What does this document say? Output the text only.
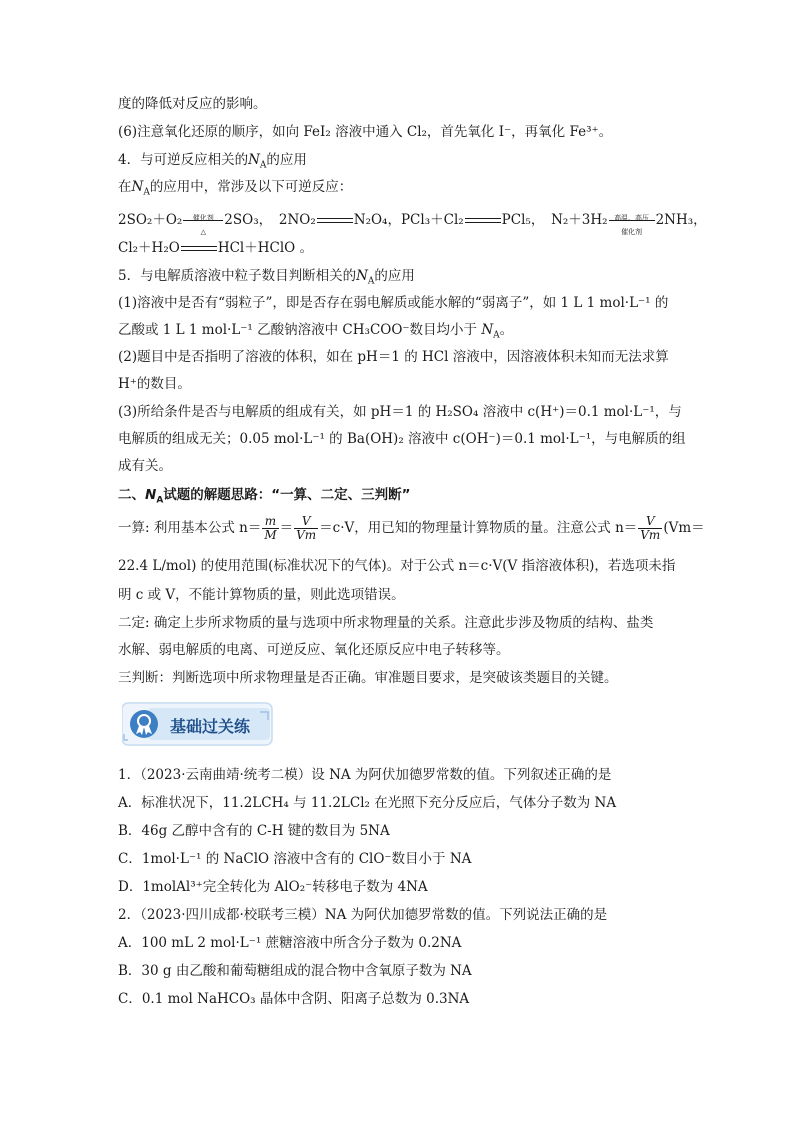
度的降低对反应的影响。
(6)注意氧化还原的顺序，如向 FeI₂ 溶液中通入 Cl₂，首先氧化 I⁻，再氧化 Fe³⁺。
4．与可逆反应相关的$N_A$的应用
在$N_A$的应用中，常涉及以下可逆反应：
2SO₂＋O₂	催化剂
△
2SO₃，　2NO₂	N₂O₄，PCl₃＋Cl₂	PCl₅，　N₂＋3H₂ 高温、高压
催化剂
2NH₃，
Cl₂＋H₂O	HCl＋HClO 。
5．与电解质溶液中粒子数目判断相关的$N_A$的应用
(1)溶液中是否有“弱粒子”，即是否存在弱电解质或能水解的“弱离子”，如 1 L 1 mol·L⁻¹ 的
乙酸或 1 L 1 mol·L⁻¹ 乙酸钠溶液中 CH₃COO⁻数目均小于 $N_A$。
(2)题目中是否指明了溶液的体积，如在 pH＝1 的 HCl 溶液中，因溶液体积未知而无法求算
H⁺的数目。
(3)所给条件是否与电解质的组成有关，如 pH＝1 的 H₂SO₄ 溶液中 c(H⁺)＝0.1 mol·L⁻¹，与
电解质的组成无关；0.05 mol·L⁻¹ 的 Ba(OH)₂ 溶液中 c(OH⁻)＝0.1 mol·L⁻¹，与电解质的组
成有关。
二、$N_A$试题的解题思路：“一算、二定、三判断”
一算: 利用基本公式 $n= \frac{m}{M} = \frac{V}{Vm} =c\cdot V$，用已知的物理量计算物质的量。注意公式 $n= \frac{V}{Vm} (Vm=$
22.4 L/mol) 的使用范围(标准状况下的气体)。对于公式 n＝c·V(V 指溶液体积)，若选项未指
明 c 或 V，不能计算物质的量，则此选项错误。
二定: 确定上步所求物质的量与选项中所求物理量的关系。注意此步涉及物质的结构、盐类
水解、弱电解质的电离、可逆反应、氧化还原反应中电子转移等。
三判断：判断选项中所求物理量是否正确。审准题目要求，是突破该类题目的关键。
基础过关练
1．（2023·云南曲靖·统考二模）设 NA 为阿伏加德罗常数的值。下列叙述正确的是
A．标准状况下，11.2LCH₄ 与 11.2LCl₂ 在光照下充分反应后，气体分子数为 NA
B．46g 乙醇中含有的 C-H 键的数目为 5NA
C．1mol·L⁻¹ 的 NaClO 溶液中含有的 ClO⁻数目小于 NA
D．1molAl³⁺完全转化为 AlO₂⁻转移电子数为 4NA
2．（2023·四川成都·校联考三模）NA 为阿伏加德罗常数的值。下列说法正确的是
A．100 mL 2 mol·L⁻¹ 蔗糖溶液中所含分子数为 0.2NA
B．30 g 由乙酸和葡萄糖组成的混合物中含氧原子数为 NA
C．0.1 mol NaHCO₃ 晶体中含阴、阳离子总数为 0.3NA
